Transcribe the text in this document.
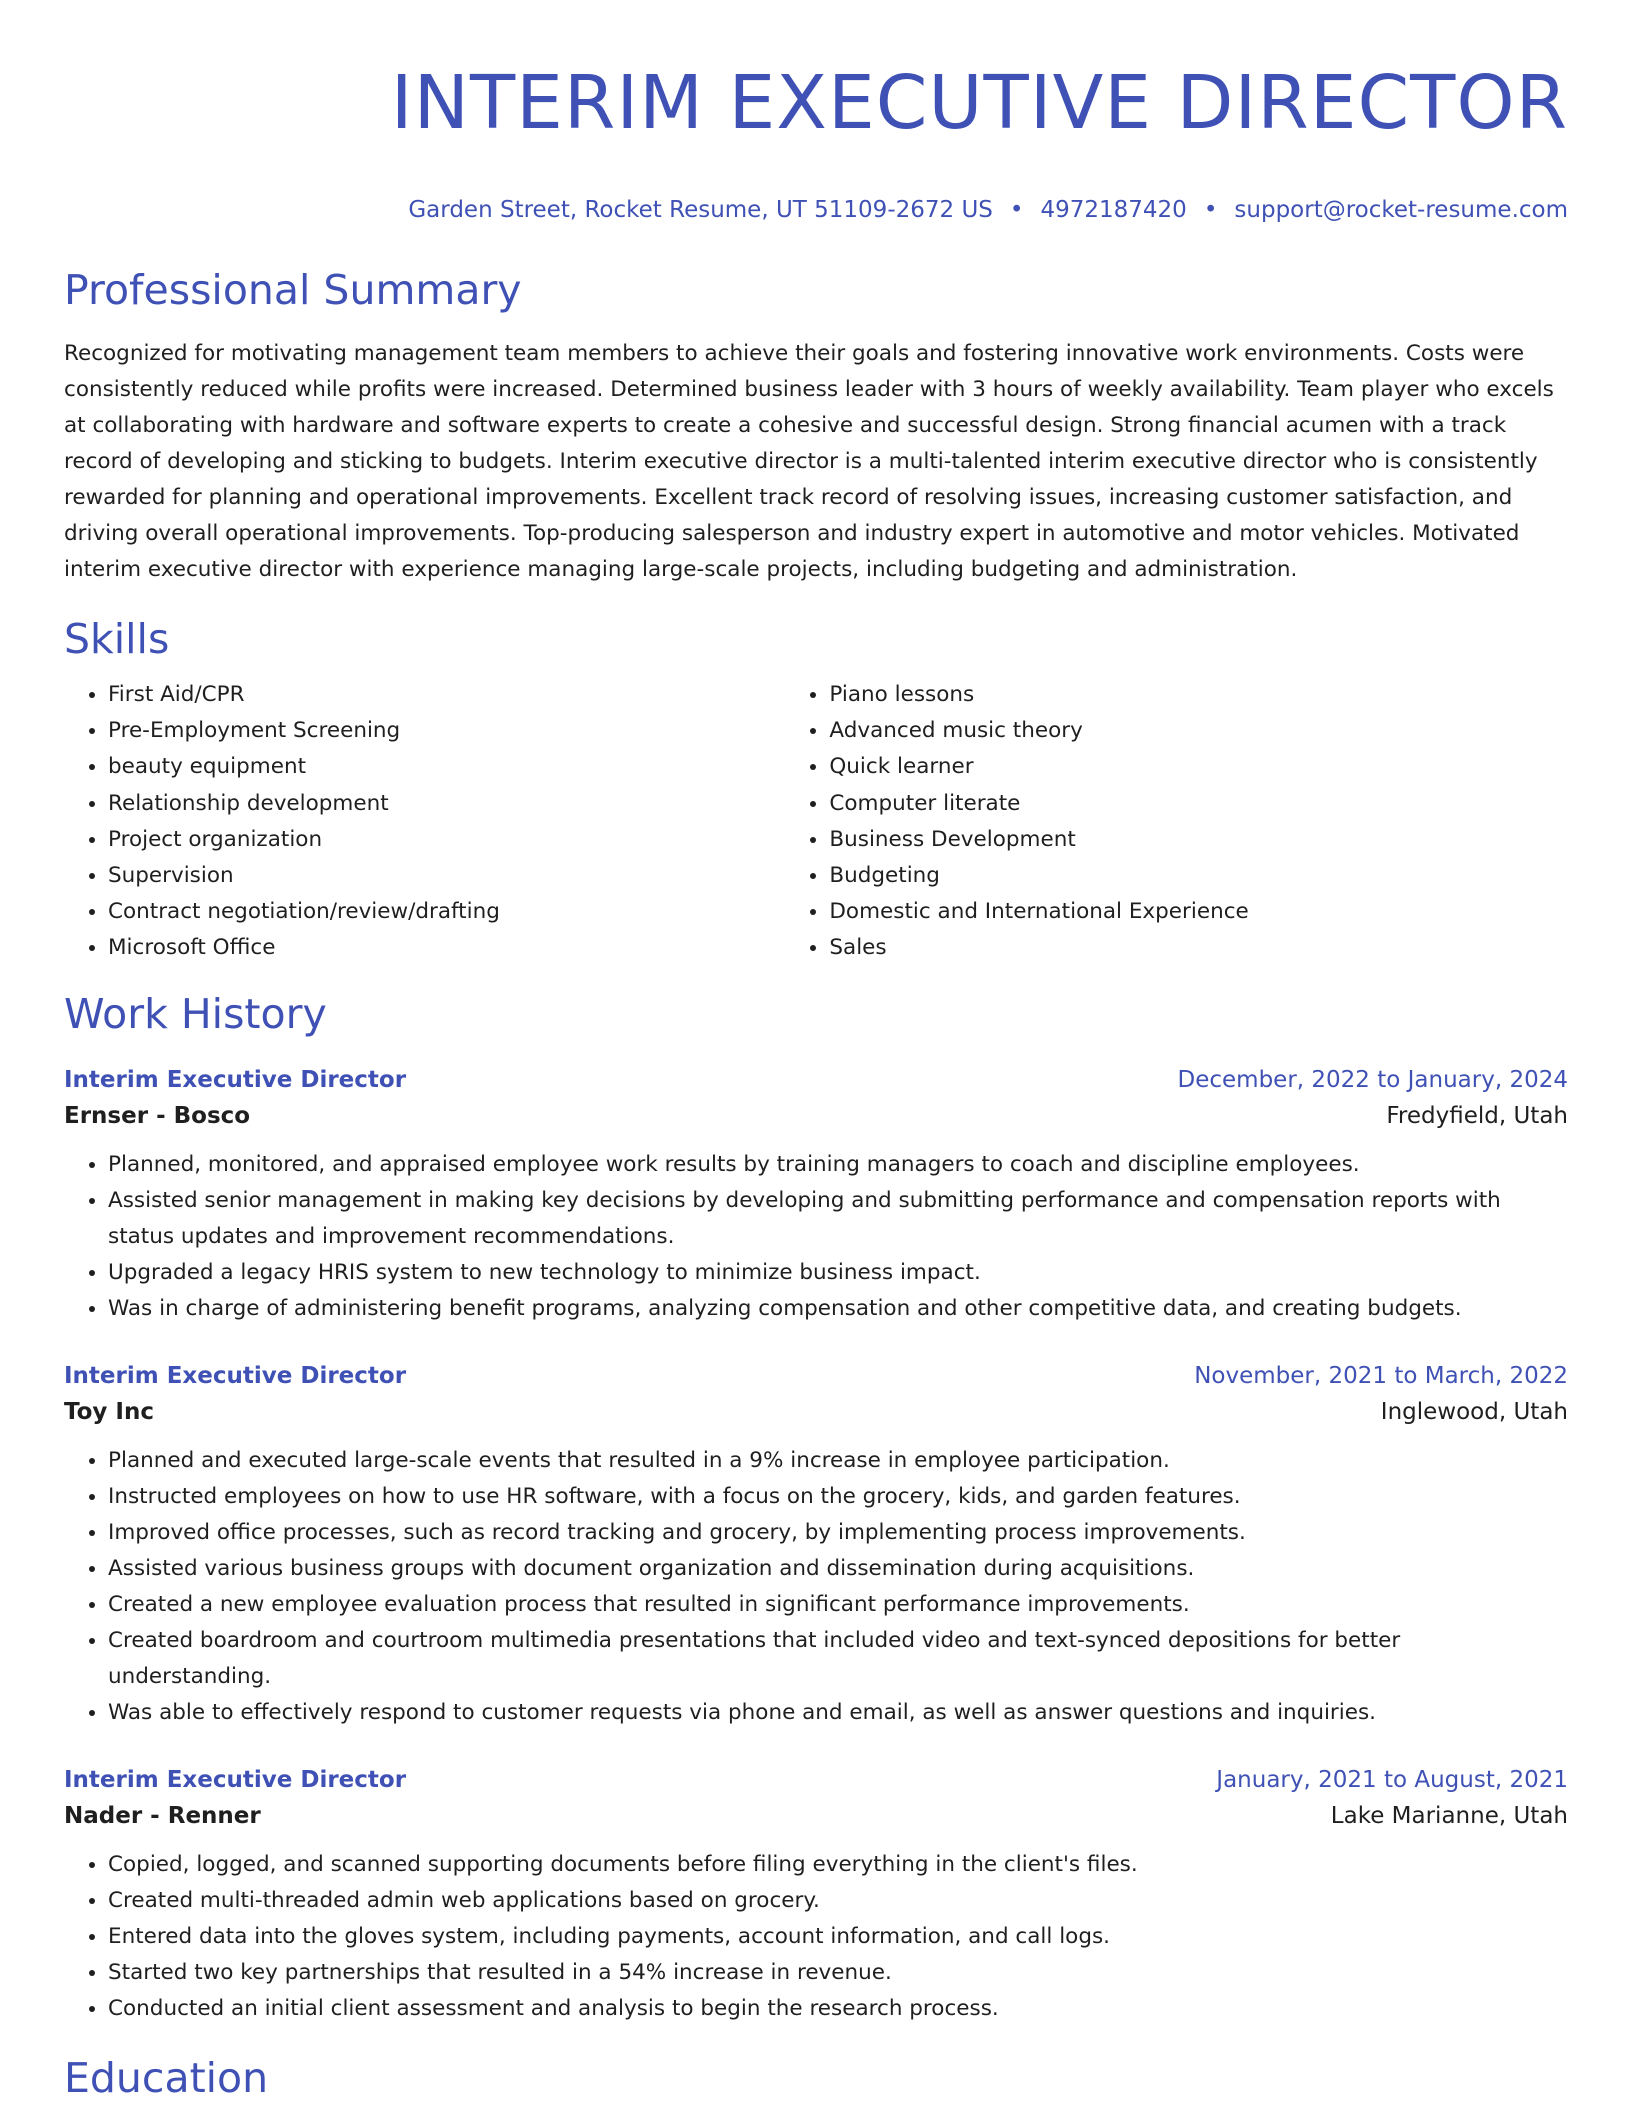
INTERIM EXECUTIVE DIRECTOR
Garden Street, Rocket Resume, UT 51109-2672 US • 4972187420 • support@rocket-resume.com
Professional Summary
Recognized for motivating management team members to achieve their goals and fostering innovative work environments. Costs were consistently reduced while profits were increased. Determined business leader with 3 hours of weekly availability. Team player who excels at collaborating with hardware and software experts to create a cohesive and successful design. Strong financial acumen with a track record of developing and sticking to budgets. Interim executive director is a multi-talented interim executive director who is consistently rewarded for planning and operational improvements. Excellent track record of resolving issues, increasing customer satisfaction, and driving overall operational improvements. Top-producing salesperson and industry expert in automotive and motor vehicles. Motivated interim executive director with experience managing large-scale projects, including budgeting and administration.
Skills
• First Aid/CPR
• Pre-Employment Screening
• beauty equipment
• Relationship development
• Project organization
• Supervision
• Contract negotiation/review/drafting
• Microsoft Office
• Piano lessons
• Advanced music theory
• Quick learner
• Computer literate
• Business Development
• Budgeting
• Domestic and International Experience
• Sales
Work History
Interim Executive Director	December, 2022 to January, 2024
Ernser - Bosco	Fredyfield, Utah
• Planned, monitored, and appraised employee work results by training managers to coach and discipline employees.
• Assisted senior management in making key decisions by developing and submitting performance and compensation reports with status updates and improvement recommendations.
• Upgraded a legacy HRIS system to new technology to minimize business impact.
• Was in charge of administering benefit programs, analyzing compensation and other competitive data, and creating budgets.
Interim Executive Director	November, 2021 to March, 2022
Toy Inc	Inglewood, Utah
• Planned and executed large-scale events that resulted in a 9% increase in employee participation.
• Instructed employees on how to use HR software, with a focus on the grocery, kids, and garden features.
• Improved office processes, such as record tracking and grocery, by implementing process improvements.
• Assisted various business groups with document organization and dissemination during acquisitions.
• Created a new employee evaluation process that resulted in significant performance improvements.
• Created boardroom and courtroom multimedia presentations that included video and text-synced depositions for better understanding.
• Was able to effectively respond to customer requests via phone and email, as well as answer questions and inquiries.
Interim Executive Director	January, 2021 to August, 2021
Nader - Renner	Lake Marianne, Utah
• Copied, logged, and scanned supporting documents before filing everything in the client's files.
• Created multi-threaded admin web applications based on grocery.
• Entered data into the gloves system, including payments, account information, and call logs.
• Started two key partnerships that resulted in a 54% increase in revenue.
• Conducted an initial client assessment and analysis to begin the research process.
Education
